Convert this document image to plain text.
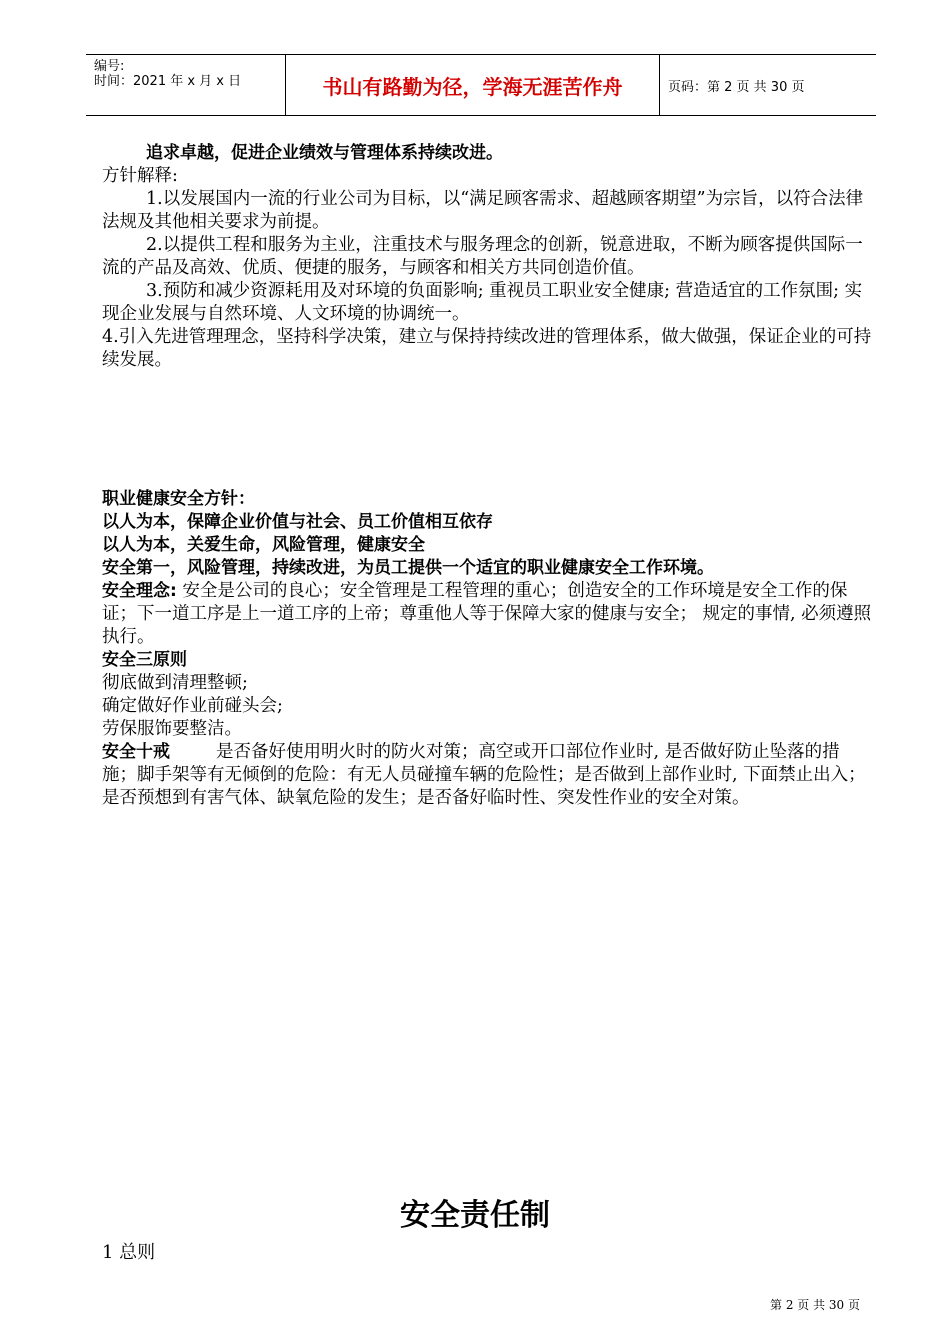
编号:
时间：2021 年 x 月 x 日	书山有路勤为径，学海无涯苦作舟	页码：第 2 页 共 30 页

追求卓越，促进企业绩效与管理体系持续改进。

方针解释:

1.以发展国内一流的行业公司为目标，以“满足顾客需求、超越顾客期望”为宗旨，以符合法律法规及其他相关要求为前提。

2.以提供工程和服务为主业，注重技术与服务理念的创新，锐意进取，不断为顾客提供国际一流的产品及高效、优质、便捷的服务，与顾客和相关方共同创造价值。

3.预防和减少资源耗用及对环境的负面影响; 重视员工职业安全健康; 营造适宜的工作氛围; 实现企业发展与自然环境、人文环境的协调统一。

4.引入先进管理理念，坚持科学决策，建立与保持持续改进的管理体系，做大做强，保证企业的可持续发展。

职业健康安全方针：

以人为本，保障企业价值与社会、员工价值相互依存

以人为本，关爱生命，风险管理，健康安全

安全第一，风险管理，持续改进，为员工提供一个适宜的职业健康安全工作环境。

安全理念: 安全是公司的良心；安全管理是工程管理的重心；创造安全的工作环境是安全工作的保证；下一道工序是上一道工序的上帝；尊重他人等于保障大家的健康与安全； 规定的事情, 必须遵照执行。

安全三原则

彻底做到清理整顿;

确定做好作业前碰头会;

劳保服饰要整洁。

安全十戒	是否备好使用明火时的防火对策；高空或开口部位作业时, 是否做好防止坠落的措施；脚手架等有无倾倒的危险：有无人员碰撞车辆的危险性；是否做到上部作业时, 下面禁止出入；是否预想到有害气体、缺氧危险的发生；是否备好临时性、突发性作业的安全对策。

安全责任制
1 总则
第 2 页 共 30 页
